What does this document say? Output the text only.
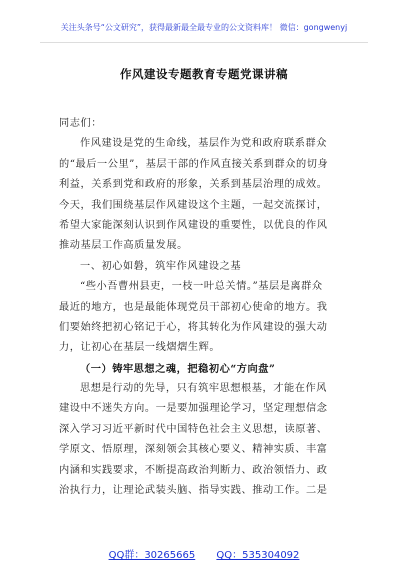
关注头条号“公文研究”，获得最新最全最专业的公文资料库！ 微信：gongwenyj
作风建设专题教育专题党课讲稿
同志们：
作风建设是党的生命线，基层作为党和政府联系群众
的“最后一公里”，基层干部的作风直接关系到群众的切身
利益，关系到党和政府的形象，关系到基层治理的成效。
今天，我们围绕基层作风建设这个主题，一起交流探讨，
希望大家能深刻认识到作风建设的重要性，以优良的作风
推动基层工作高质量发展。
一、初心如磐，筑牢作风建设之基
“些小吾曹州县吏，一枝一叶总关情。”基层是离群众
最近的地方，也是最能体现党员干部初心使命的地方。我
们要始终把初心铭记于心，将其转化为作风建设的强大动
力，让初心在基层一线熠熠生辉。
（一）铸牢思想之魂，把稳初心“方向盘”
思想是行动的先导，只有筑牢思想根基，才能在作风
建设中不迷失方向。一是要加强理论学习，坚定理想信念
深入学习习近平新时代中国特色社会主义思想，读原著、
学原文、悟原理，深刻领会其核心要义、精神实质、丰富
内涵和实践要求，不断提高政治判断力、政治领悟力、政
治执行力，让理论武装头脑、指导实践、推动工作。二是
QQ群：30265665 QQ：535304092
